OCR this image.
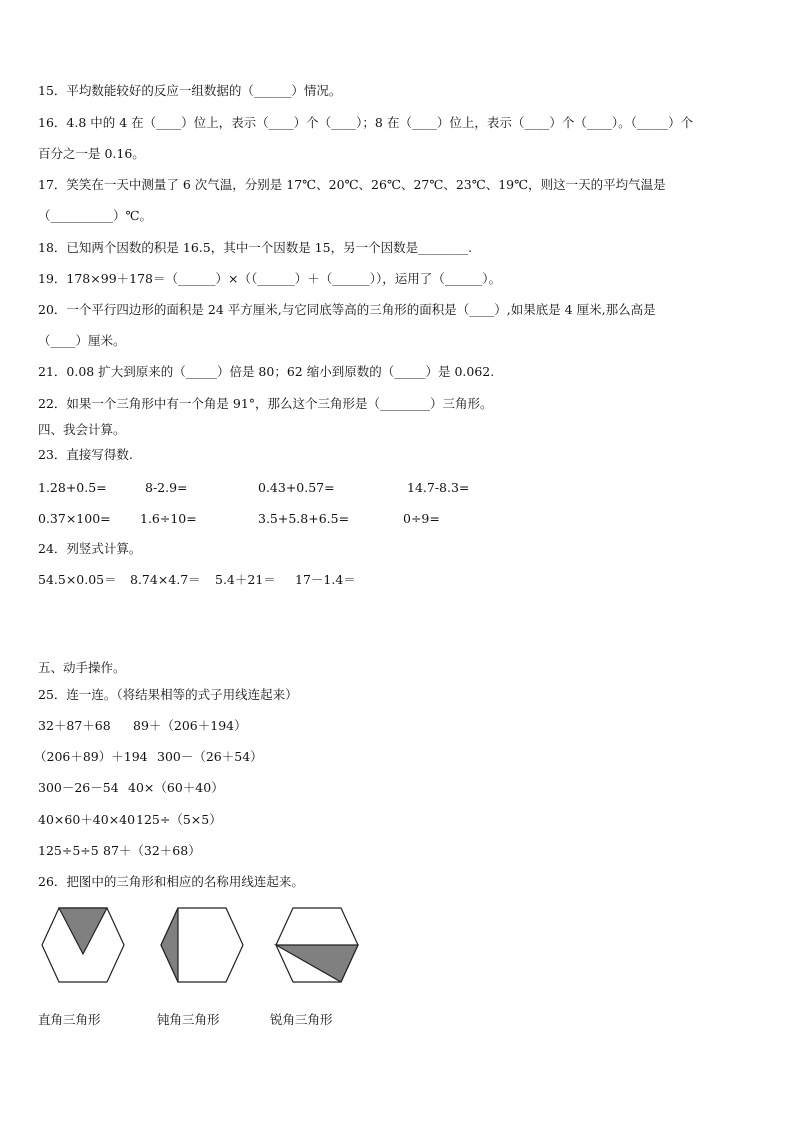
15．平均数能较好的反应一组数据的（______）情况。
16．4.8 中的 4 在（____）位上，表示（____）个（____）；8 在（____）位上，表示（____）个（____）。（_____）个
百分之一是 0.16。
17．笑笑在一天中测量了 6 次气温，分别是 17℃、20℃、26℃、27℃、23℃、19℃，则这一天的平均气温是
（__________）℃。
18．已知两个因数的积是 16.5，其中一个因数是 15，另一个因数是________.
19．178×99＋178＝（______）×（（______）＋（______）），运用了（______）。
20．一个平行四边形的面积是 24 平方厘米,与它同底等高的三角形的面积是（____）,如果底是 4 厘米,那么高是
（____）厘米。
21．0.08 扩大到原来的（_____）倍是 80；62 缩小到原数的（_____）是 0.062.
22．如果一个三角形中有一个角是 91°，那么这个三角形是（________）三角形。
四、我会计算。
23．直接写得数.
1.28+0.5=	8-2.9=	0.43+0.57=	14.7-8.3=
0.37×100= 1.6÷10=	3.5+5.8+6.5=	0÷9=
24．列竖式计算。
54.5×0.05＝ 8.74×4.7＝ 5.4＋21＝ 17－1.4＝
五、动手操作。
25．连一连。（将结果相等的式子用线连起来）
32＋87＋68 89＋（206＋194）
（206＋89）＋194 300－（26＋54）
300－26－54 40×（60＋40）
40×60＋40×40 125÷（5×5）
125÷5÷5 87＋（32＋68）
26．把图中的三角形和相应的名称用线连起来。
直角三角形	钝角三角形	锐角三角形
